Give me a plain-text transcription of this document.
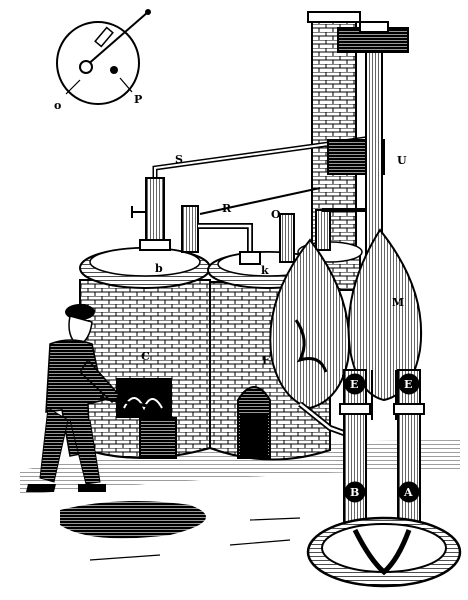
o	P
S	U
R	O
b	k
C	F
M
E	E
B	A
